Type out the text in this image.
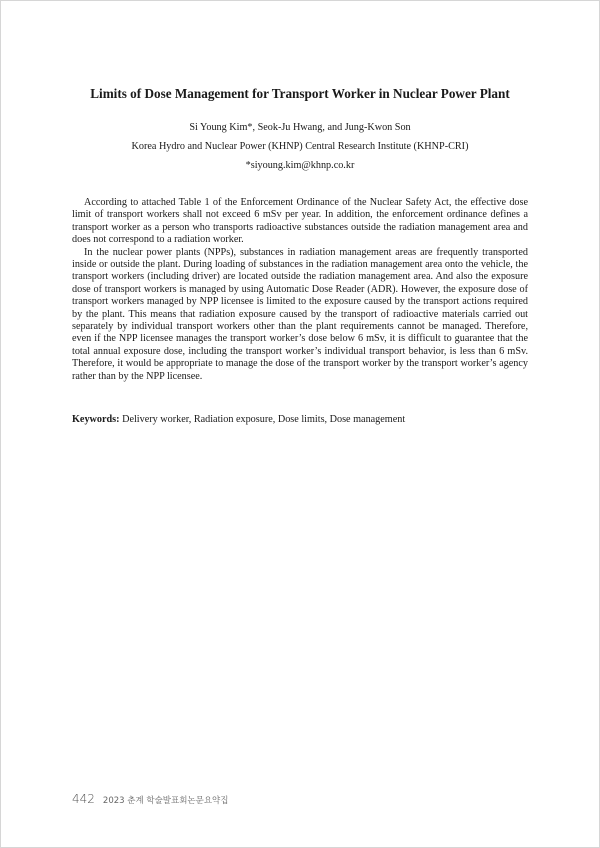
Limits of Dose Management for Transport Worker in Nuclear Power Plant
Si Young Kim*, Seok-Ju Hwang, and Jung-Kwon Son
Korea Hydro and Nuclear Power (KHNP) Central Research Institute (KHNP-CRI)
*siyoung.kim@khnp.co.kr

According to attached Table 1 of the Enforcement Ordinance of the Nuclear Safety Act, the effective dose limit of transport workers shall not exceed 6 mSv per year. In addition, the enforcement ordinance defines a transport worker as a person who transports radioactive substances outside the radiation management area and does not correspond to a radiation worker.

In the nuclear power plants (NPPs), substances in radiation management areas are frequently transported inside or outside the plant. During loading of substances in the radiation management area onto the vehicle, the transport workers (including driver) are located outside the radiation management area. And also the exposure dose of transport workers is managed by using Automatic Dose Reader (ADR). However, the exposure dose of transport workers managed by NPP licensee is limited to the exposure caused by the transport actions required by the plant. This means that radiation exposure caused by the transport of radioactive materials carried out separately by individual transport workers other than the plant requirements cannot be managed. Therefore, even if the NPP licensee manages the transport worker’s dose below 6 mSv, it is difficult to guarantee that the total annual exposure dose, including the transport worker’s individual transport behavior, is less than 6 mSv. Therefore, it would be appropriate to manage the dose of the transport worker by the transport worker’s agency rather than by the NPP licensee.

Keywords: Delivery worker, Radiation exposure, Dose limits, Dose management
442 2023 춘계 학술발표회논문요약집
